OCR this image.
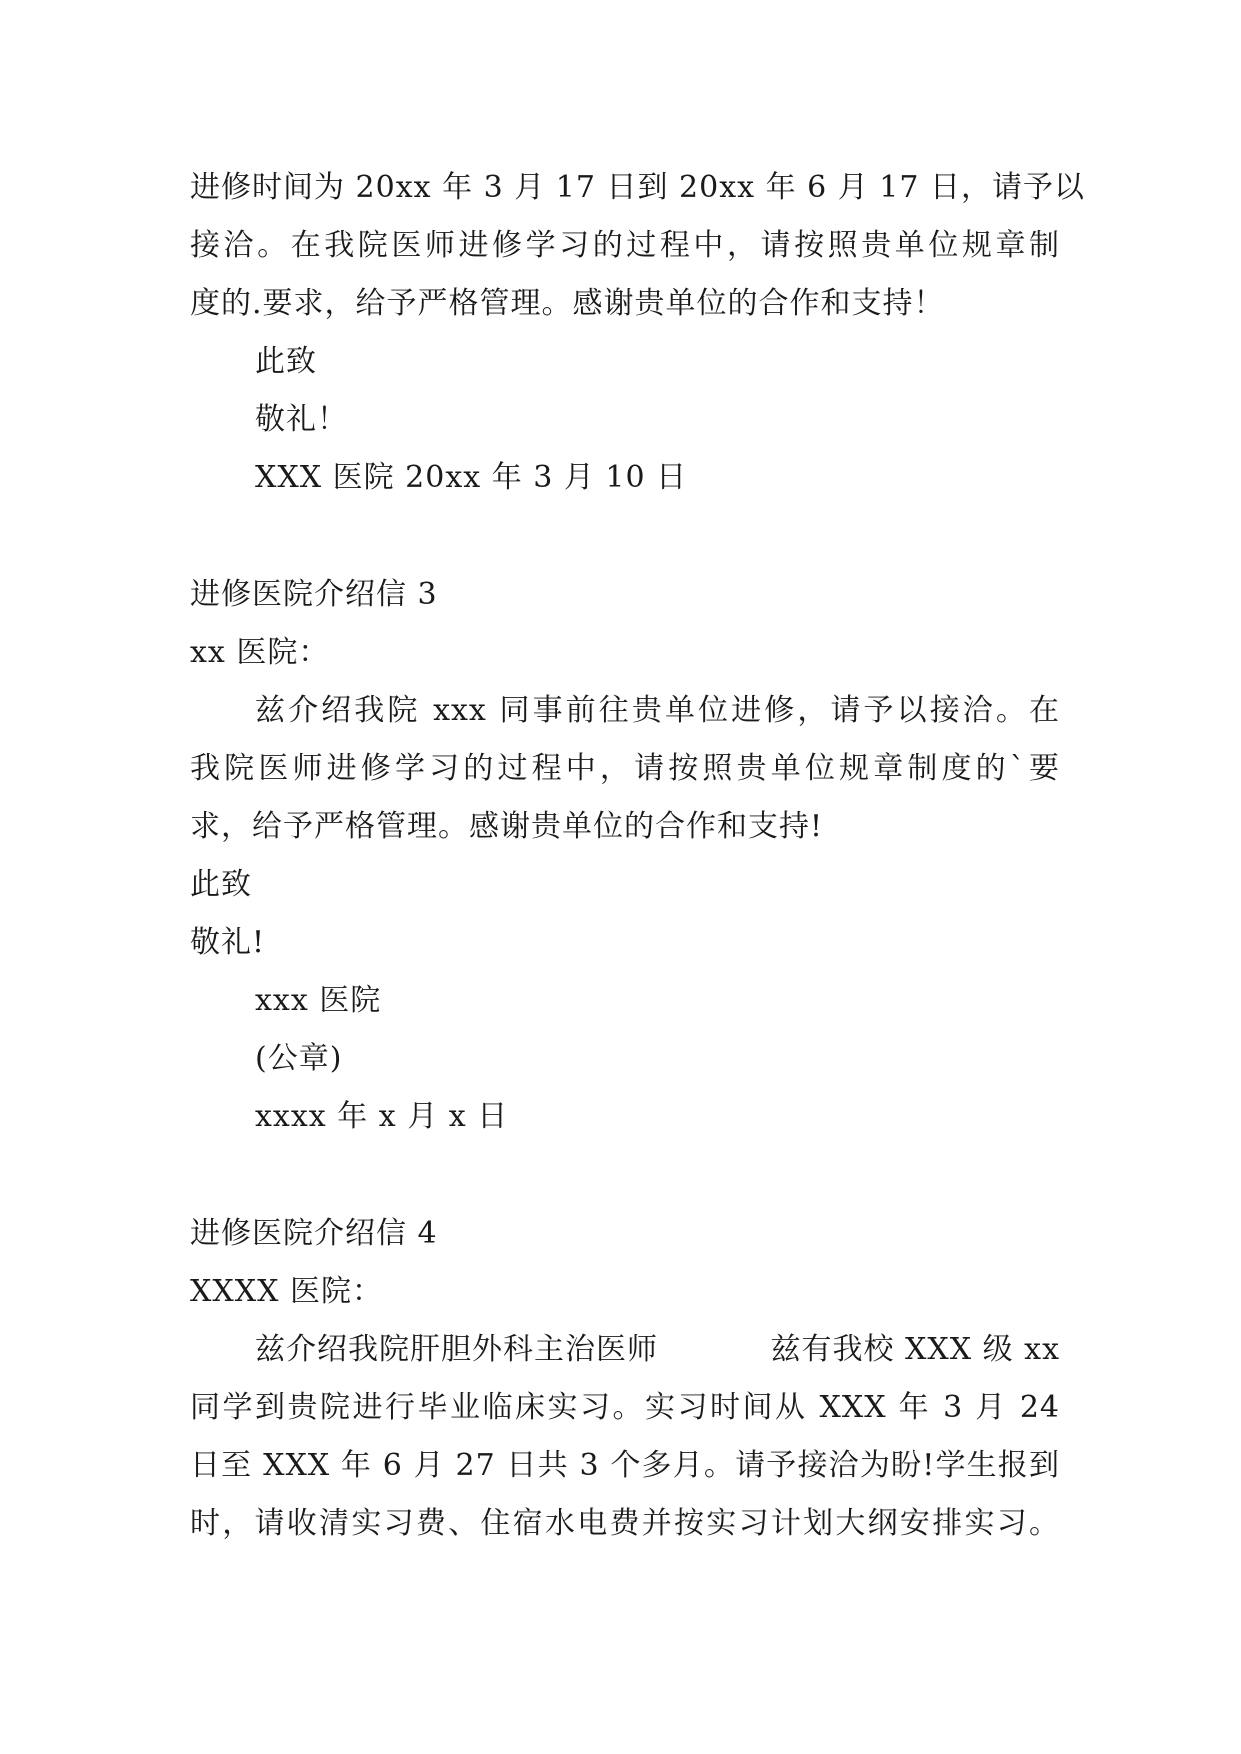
进修时间为 20xx 年 3 月 17 日到 20xx 年 6 月 17 日，请予以
接洽。在我院医师进修学习的过程中，请按照贵单位规章制
度的.要求，给予严格管理。感谢贵单位的合作和支持！
此致
敬礼！
XXX 医院 20xx 年 3 月 10 日
进修医院介绍信 3
xx 医院：
兹介绍我院 xxx 同事前往贵单位进修，请予以接洽。在
我院医师进修学习的过程中，请按照贵单位规章制度的`要
求，给予严格管理。感谢贵单位的合作和支持!
此致
敬礼!
xxx 医院
(公章)
xxxx 年 x 月 x 日
进修医院介绍信 4
XXXX 医院：
兹介绍我院肝胆外科主治医师	兹有我校 XXX 级 xx
同学到贵院进行毕业临床实习。实习时间从 XXX 年 3 月 24
日至 XXX 年 6 月 27 日共 3 个多月。请予接洽为盼!学生报到
时，请收清实习费、住宿水电费并按实习计划大纲安排实习。
